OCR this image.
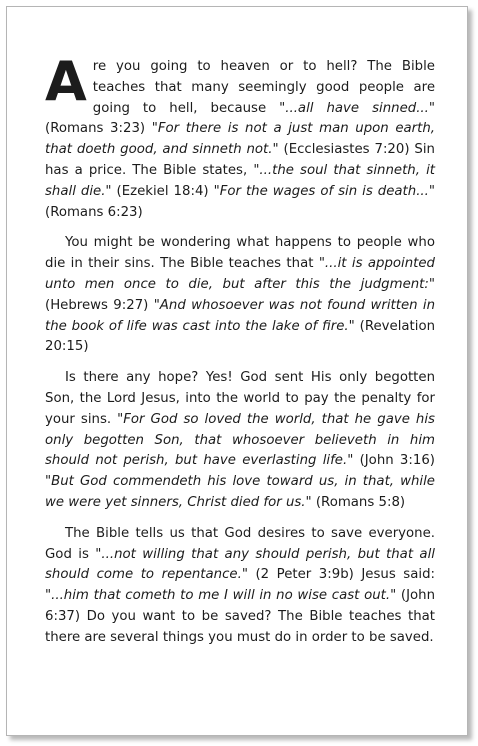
Are you going to heaven or to hell? The Bible teaches that many seemingly good people are going to hell, because "...all have sinned..." (Romans 3:23) "For there is not a just man upon earth, that doeth good, and sinneth not." (Ecclesiastes 7:20) Sin has a price. The Bible states, "...the soul that sinneth, it shall die." (Ezekiel 18:4) "For the wages of sin is death..." (Romans 6:23)

You might be wondering what happens to people who die in their sins. The Bible teaches that "...it is appointed unto men once to die, but after this the judgment:" (Hebrews 9:27) "And whosoever was not found written in the book of life was cast into the lake of fire." (Revelation 20:15)

Is there any hope? Yes! God sent His only begotten Son, the Lord Jesus, into the world to pay the penalty for your sins. "For God so loved the world, that he gave his only begotten Son, that whosoever believeth in him should not perish, but have everlasting life." (John 3:16) "But God commendeth his love toward us, in that, while we were yet sinners, Christ died for us." (Romans 5:8)

The Bible tells us that God desires to save everyone. God is "...not willing that any should perish, but that all should come to repentance." (2 Peter 3:9b) Jesus said: "...him that cometh to me I will in no wise cast out." (John 6:37) Do you want to be saved? The Bible teaches that there are several things you must do in order to be saved.
